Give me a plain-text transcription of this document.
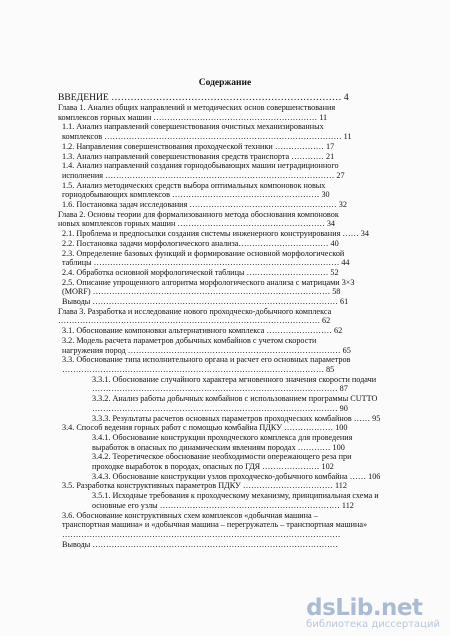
Содержание
ВВЕДЕНИЕ ……………………………………………………………… 4
Глава 1. Анализ общих направлений и методических основ совершенствования
комплексов горных машин …………………………………………………… 11
1.1. Анализ направлений совершенствования очистных механизированных
комплексов …………………………………………………………………………… 11
1.2. Направления совершенствования проходческой техники ……………… 17
1.3. Анализ направлений совершенствования средств транспорта ………… 21
1.4. Анализ направлений создания горнодобывающих машин нетрадиционного
исполнения ………………………………………………………………………… 27
1.5. Анализ методических средств выбора оптимальных компоновок новых
горнодобывающих комплексов ……………………………………………… 30
1.6. Постановка задач исследования ……………………………………………… 32
Глава 2. Основы теории для формализованного метода обоснования компоновок
новых комплексов горных машин ……………………………………………… 34
2.1. Проблема и предпосылки создания системы инженерного конструирования …… 34
2.2. Постановка задачи морфологического анализа…………………………… 40
2.3. Определение базовых функций и формирование основной морфологической
таблицы ……………………………………………………………………………… 44
2.4. Обработка основной морфологической таблицы ………………………… 52
2.5. Описание упрощенного алгоритма морфологического анализа с матрицами 3×3
(MORF) …………………………………………………………………………… 58
Выводы ……………………………………………………………………………… 61
Глава 3. Разработка и исследование нового проходческо-добычного комплекса
…………………………………………………………………………………… 62
3.1. Обоснование компоновки альтернативного комплекса …………………… 62
3.2. Модель расчета параметров добычных комбайнов с учетом скорости
нагружения пород …………………………………………………………………… 65
3.3. Обоснование типа исполнительного органа и расчет его основных параметров
…………………………………………………………………………………… 85
3.3.1. Обоснование случайного характера мгновенного значения скорости подачи
……………………………………………………………………………… 87
3.3.2. Анализ работы добычных комбайнов с использованием программы CUTTO
……………………………………………………………………………… 90
3.3.3. Результаты расчетов основных параметров проходческих комбайнов …… 95
3.4. Способ ведения горных работ с помощью комбайна ПДКУ ……………… 100
3.4.1. Обоснование конструкции проходческого комплекса для проведения
выработок в опасных по динамическим явлениям породах ………… 100
3.4.2. Теоретическое обоснование необходимости опережающего реза при
проходке выработок в породах, опасных по ГДЯ ………………… 102
3.4.3. Обоснование конструкции узлов проходческо-добычного комбайна …… 106
3.5. Разработка конструктивных параметров ПДКУ …………………………… 112
3.5.1. Исходные требования к проходческому механизму, принципиальная схема и
основные его узлы ………………………………………………………… 112
3.6. Обоснование конструктивных схем комплексов «добычная машина –
транспортная машина» и «добычная машина – перегружатель – транспортная машина»
…………………………………………………………………………………………
Выводы ………………………………………………………………………………
dsLib.net
библиотека диссертаций
